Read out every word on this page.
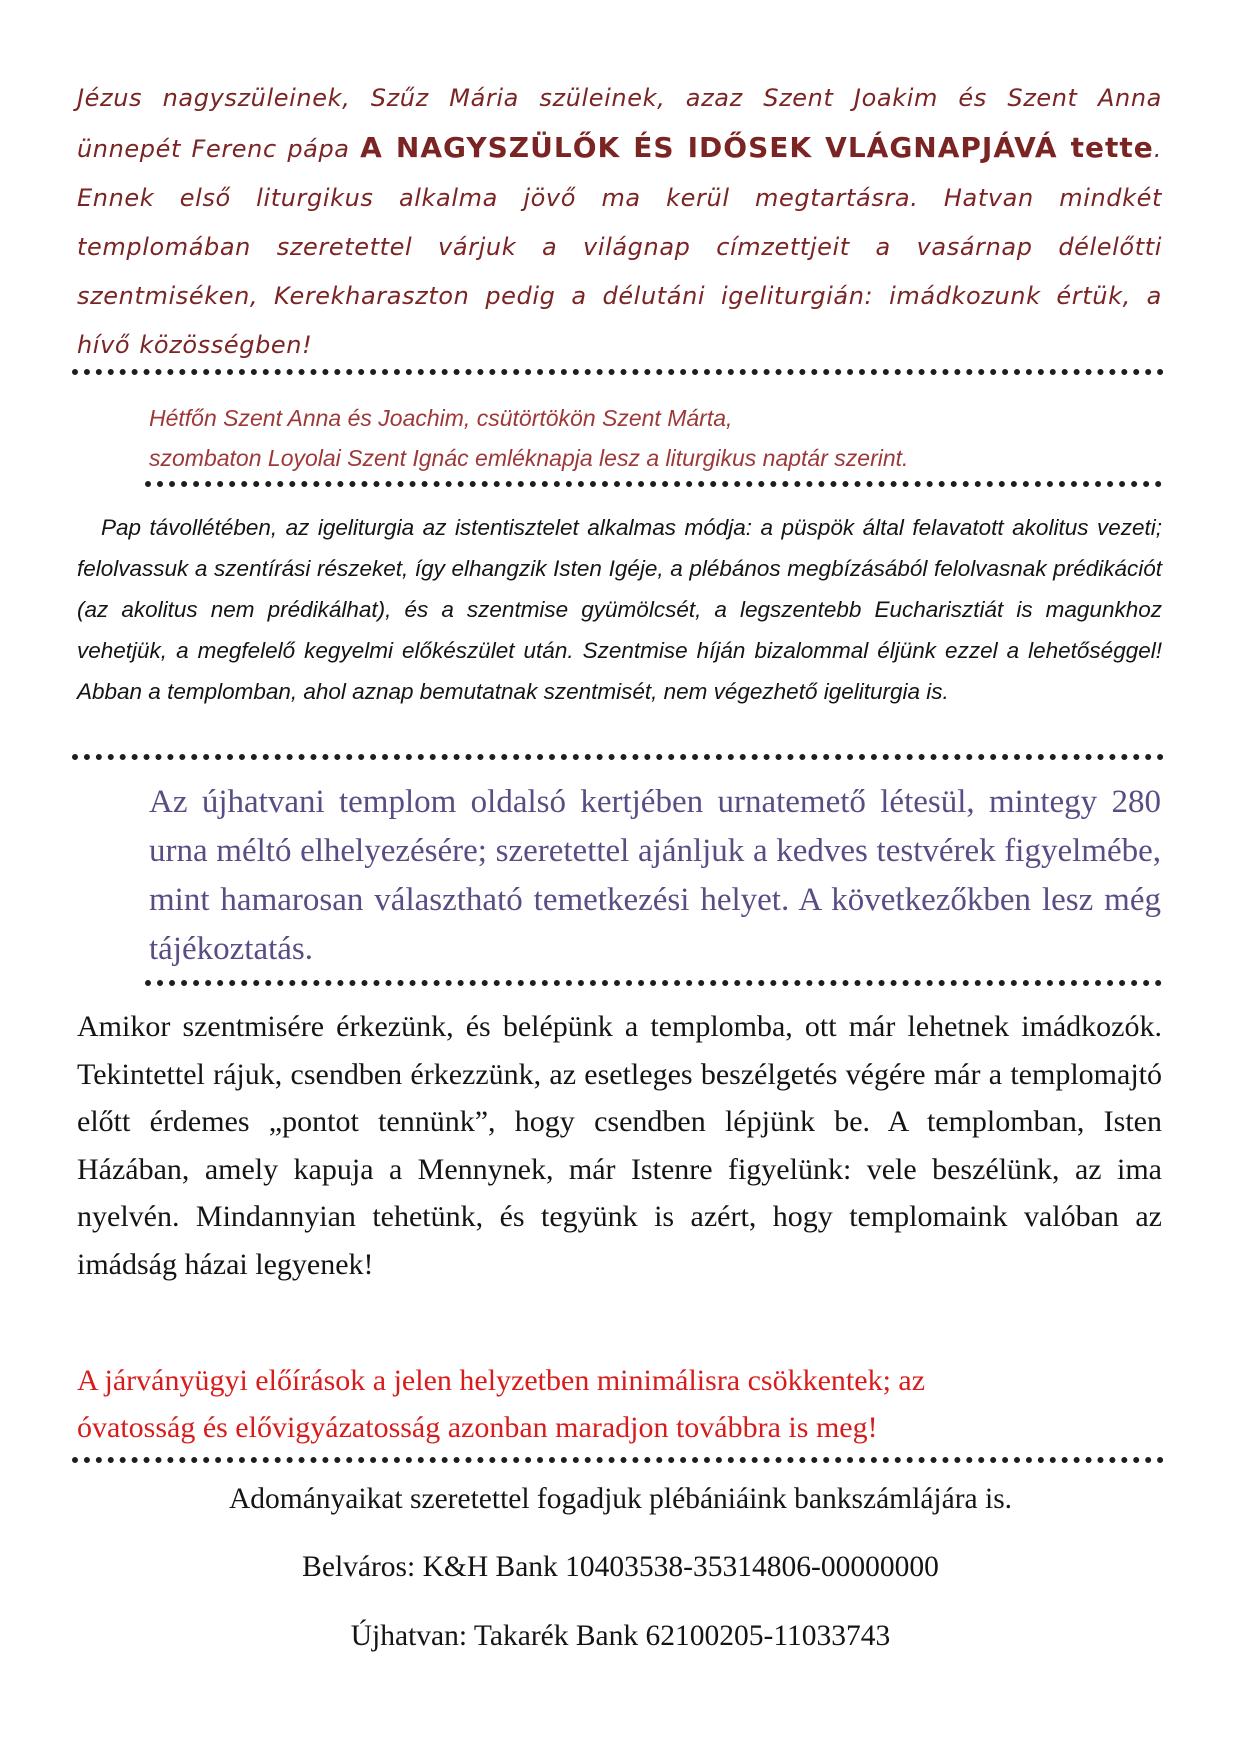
Jézus nagyszüleinek, Szűz Mária szüleinek, azaz Szent Joakim és Szent Anna ünnepét Ferenc pápa A NAGYSZÜLŐK ÉS IDŐSEK VLÁGNAPJÁVÁ tette. Ennek első liturgikus alkalma jövő ma kerül megtartásra. Hatvan mindkét templomában szeretettel várjuk a világnap címzettjeit a vasárnap délelőtti szentmiséken, Kerekharaszton pedig a délutáni igeliturgián: imádkozunk értük, a hívő közösségben!
Hétfőn Szent Anna és Joachim, csütörtökön Szent Márta,
szombaton Loyolai Szent Ignác emléknapja lesz a liturgikus naptár szerint.
Pap távollétében, az igeliturgia az istentisztelet alkalmas módja: a püspök által felavatott akolitus vezeti; felolvassuk a szentírási részeket, így elhangzik Isten Igéje, a plébános megbízásából felolvasnak prédikációt (az akolitus nem prédikálhat), és a szentmise gyümölcsét, a legszentebb Eucharisztiát is magunkhoz vehetjük, a megfelelő kegyelmi előkészület után. Szentmise híján bizalommal éljünk ezzel a lehetőséggel! Abban a templomban, ahol aznap bemutatnak szentmisét, nem végezhető igeliturgia is.
Az újhatvani templom oldalsó kertjében urnatemető létesül, mintegy 280 urna méltó elhelyezésére; szeretettel ajánljuk a kedves testvérek figyelmébe, mint hamarosan választható temetkezési helyet. A következőkben lesz még tájékoztatás.
Amikor szentmisére érkezünk, és belépünk a templomba, ott már lehetnek imádkozók. Tekintettel rájuk, csendben érkezzünk, az esetleges beszélgetés végére már a templomajtó előtt érdemes „pontot tennünk”, hogy csendben lépjünk be. A templomban, Isten Házában, amely kapuja a Mennynek, már Istenre figyelünk: vele beszélünk, az ima nyelvén. Mindannyian tehetünk, és tegyünk is azért, hogy templomaink valóban az imádság házai legyenek!
A járványügyi előírások a jelen helyzetben minimálisra csökkentek; az
óvatosság és elővigyázatosság azonban maradjon továbbra is meg!
Adományaikat szeretettel fogadjuk plébániáink bankszámlájára is.
Belváros: K&H Bank 10403538-35314806-00000000
Újhatvan: Takarék Bank 62100205-11033743
